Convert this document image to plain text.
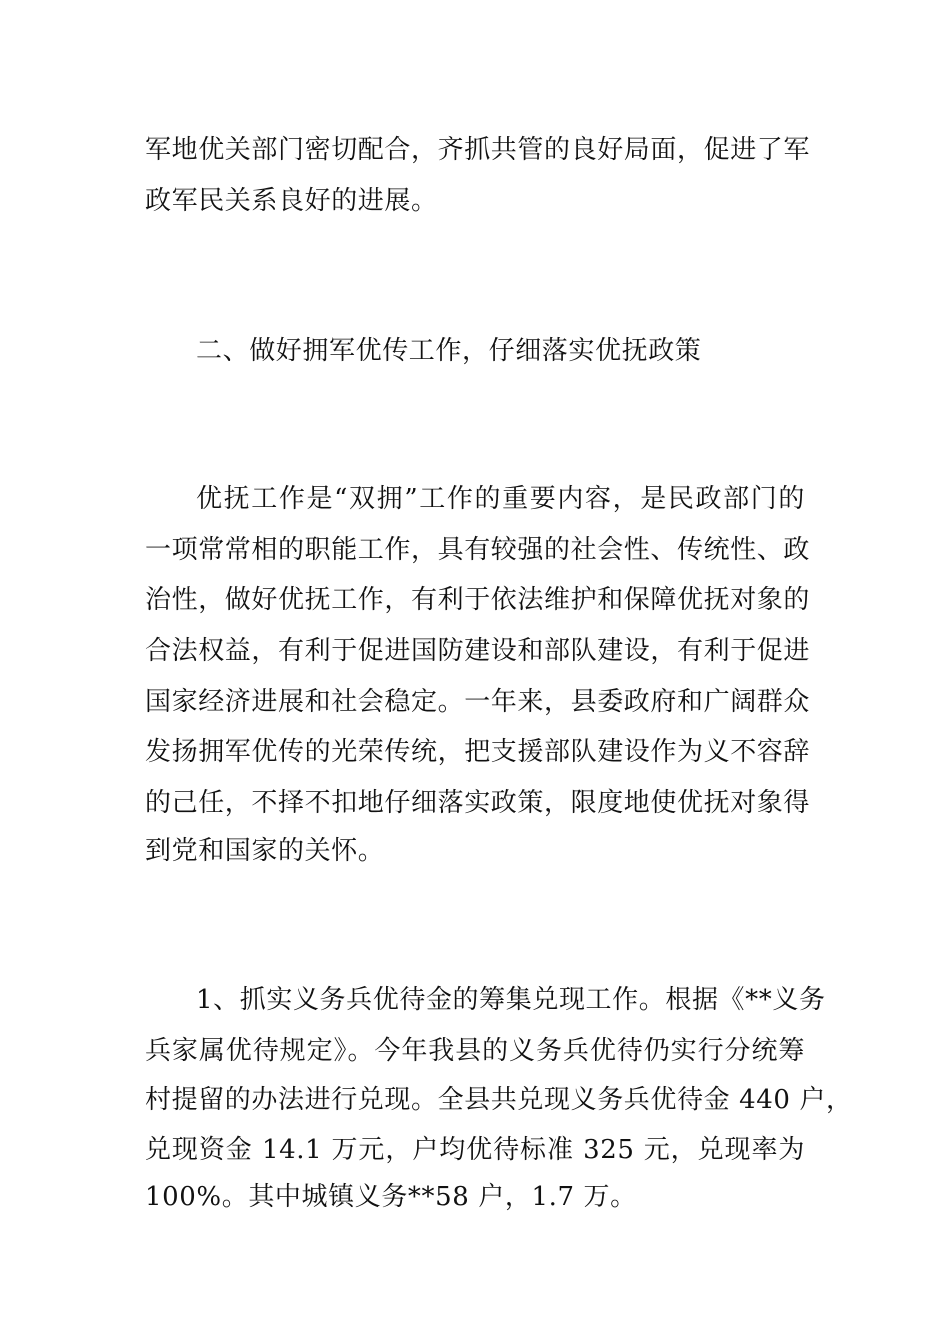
军地优关部门密切配合，齐抓共管的良好局面，促进了军
政军民关系良好的进展。
二、做好拥军优传工作，仔细落实优抚政策
优抚工作是“双拥”工作的重要内容，是民政部门的
一项常常相的职能工作，具有较强的社会性、传统性、政
治性，做好优抚工作，有利于依法维护和保障优抚对象的
合法权益，有利于促进国防建设和部队建设，有利于促进
国家经济进展和社会稳定。一年来，县委政府和广阔群众
发扬拥军优传的光荣传统，把支援部队建设作为义不容辞
的己任，不择不扣地仔细落实政策，限度地使优抚对象得
到党和国家的关怀。
1、抓实义务兵优待金的筹集兑现工作。根据《**义务
兵家属优待规定》。今年我县的义务兵优待仍实行分统筹
村提留的办法进行兑现。全县共兑现义务兵优待金 440 户，
兑现资金 14.1 万元，户均优待标准 325 元，兑现率为
100%。其中城镇义务**58 户，1.7 万。
